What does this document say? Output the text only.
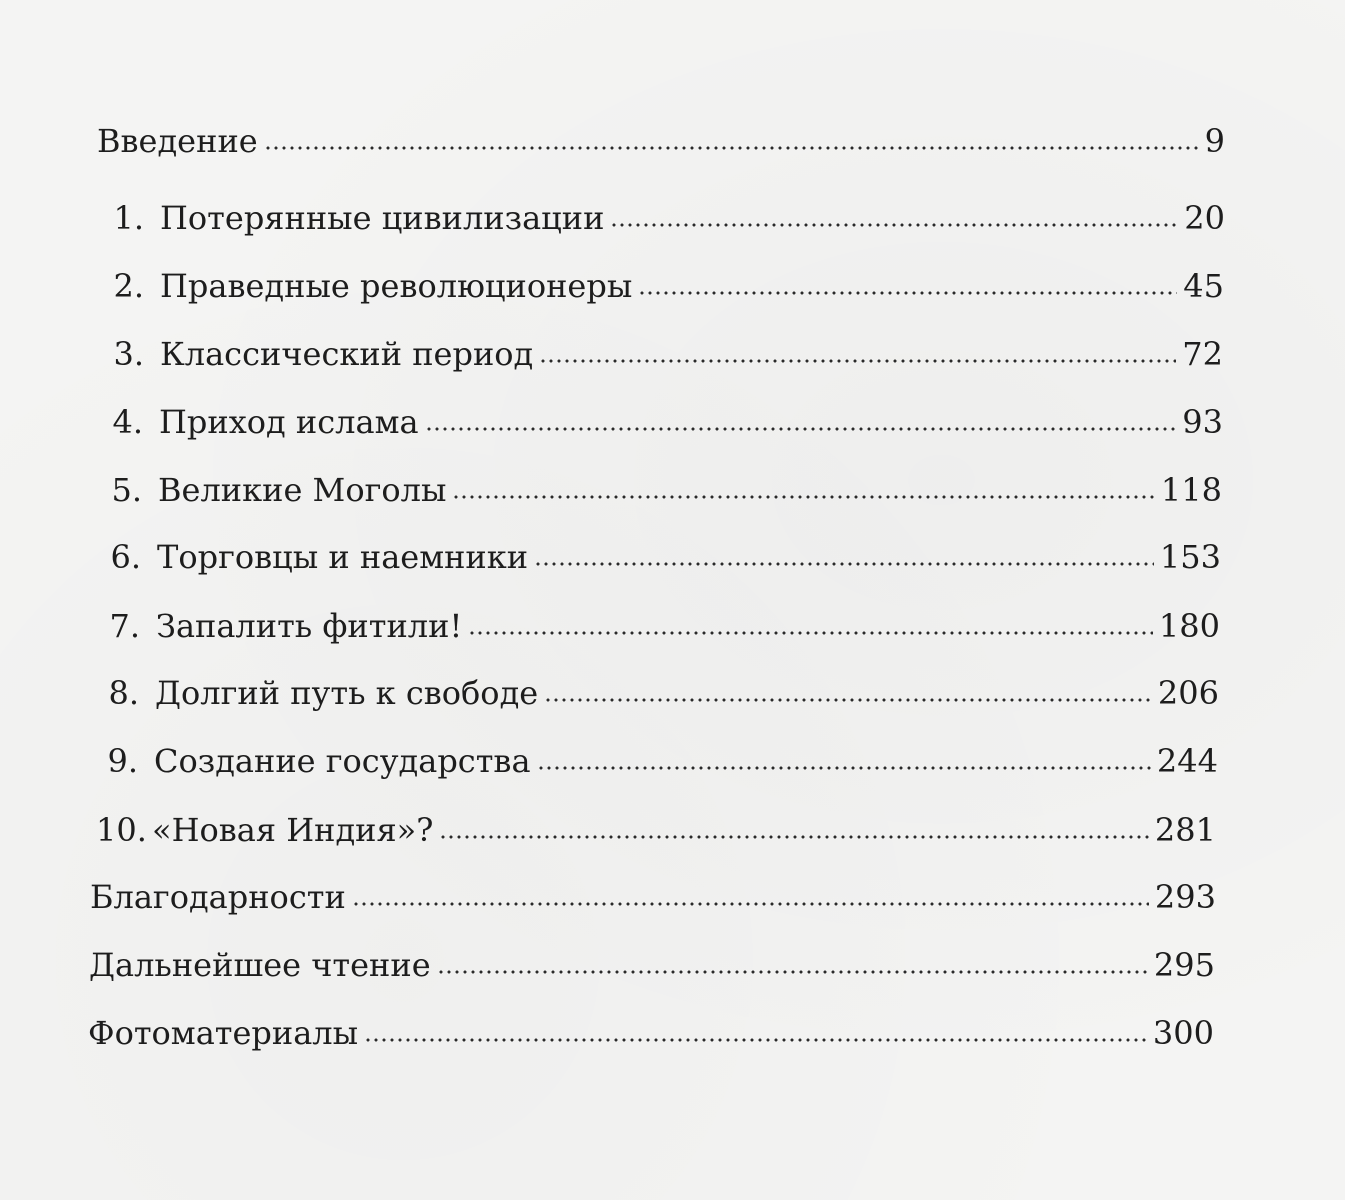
Введение	9
1. Потерянные цивилизации	20
2. Праведные революционеры	45
3. Классический период	72
4. Приход ислама	93
5. Великие Моголы	118
6. Торговцы и наемники	153
7. Запалить фитили!	180
8. Долгий путь к свободе	206
9. Создание государства	244
10. «Новая Индия»?	281
Благодарности	293
Дальнейшее чтение	295
Фотоматериалы	300
